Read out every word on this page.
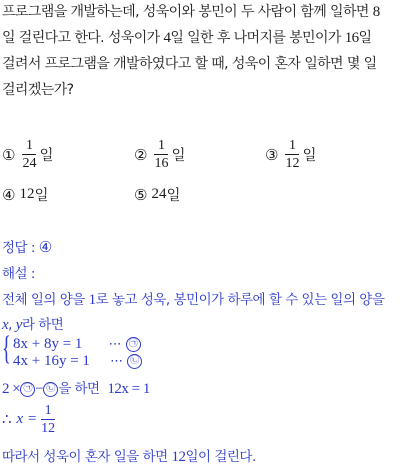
프로그램을 개발하는데, 성욱이와 봉민이 두 사람이 함께 일하면 8
일 걸린다고 한다. 성욱이가 4일 일한 후 나머지를 봉민이가 16일
걸려서 프로그램을 개발하였다고 할 때, 성욱이 혼자 일하면 몇 일
걸리겠는가?
① $\frac{1}{24}$ 일	② $\frac{1}{16}$ 일	③ $\frac{1}{12}$ 일
④ 12 일	⑤ 24 일
정답 : ④
해설 :
전체 일의 양을 1로 놓고 성욱, 봉민이가 하루에 할 수 있는 일의 양을
x, y라 하면
{ 8x + 8y = 1 ⋯ ㉠
4x + 16y = 1 ⋯ ㉡
2 × ㉠ − ㉡ 을 하면 12x = 1
∴ x =
1
12
따라서 성욱이 혼자 일을 하면 12일이 걸린다.
